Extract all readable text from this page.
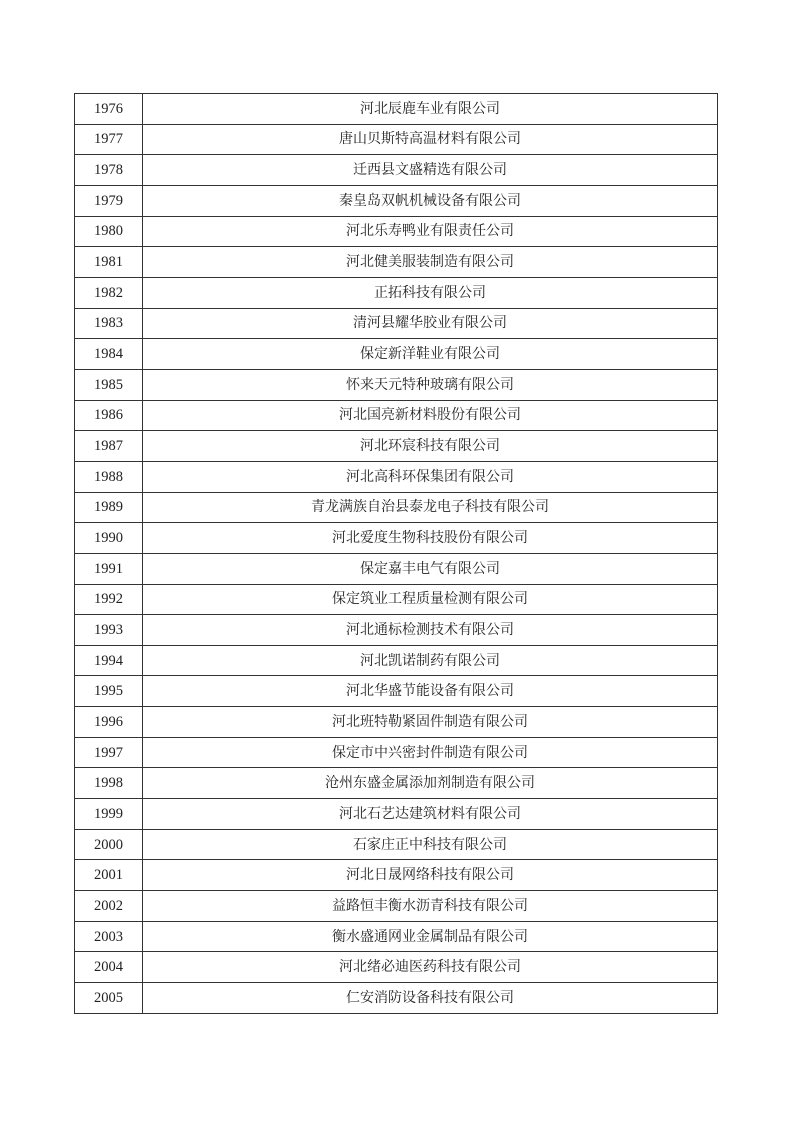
1976	河北辰鹿车业有限公司
1977	唐山贝斯特高温材料有限公司
1978	迁西县文盛精选有限公司
1979	秦皇岛双帆机械设备有限公司
1980	河北乐寿鸭业有限责任公司
1981	河北健美服装制造有限公司
1982	正拓科技有限公司
1983	清河县耀华胶业有限公司
1984	保定新洋鞋业有限公司
1985	怀来天元特种玻璃有限公司
1986	河北国亮新材料股份有限公司
1987	河北环宸科技有限公司
1988	河北高科环保集团有限公司
1989	青龙满族自治县泰龙电子科技有限公司
1990	河北爱度生物科技股份有限公司
1991	保定嘉丰电气有限公司
1992	保定筑业工程质量检测有限公司
1993	河北通标检测技术有限公司
1994	河北凯诺制药有限公司
1995	河北华盛节能设备有限公司
1996	河北班特勒紧固件制造有限公司
1997	保定市中兴密封件制造有限公司
1998	沧州东盛金属添加剂制造有限公司
1999	河北石艺达建筑材料有限公司
2000	石家庄正中科技有限公司
2001	河北日晟网络科技有限公司
2002	益路恒丰衡水沥青科技有限公司
2003	衡水盛通网业金属制品有限公司
2004	河北绪必迪医药科技有限公司
2005	仁安消防设备科技有限公司
